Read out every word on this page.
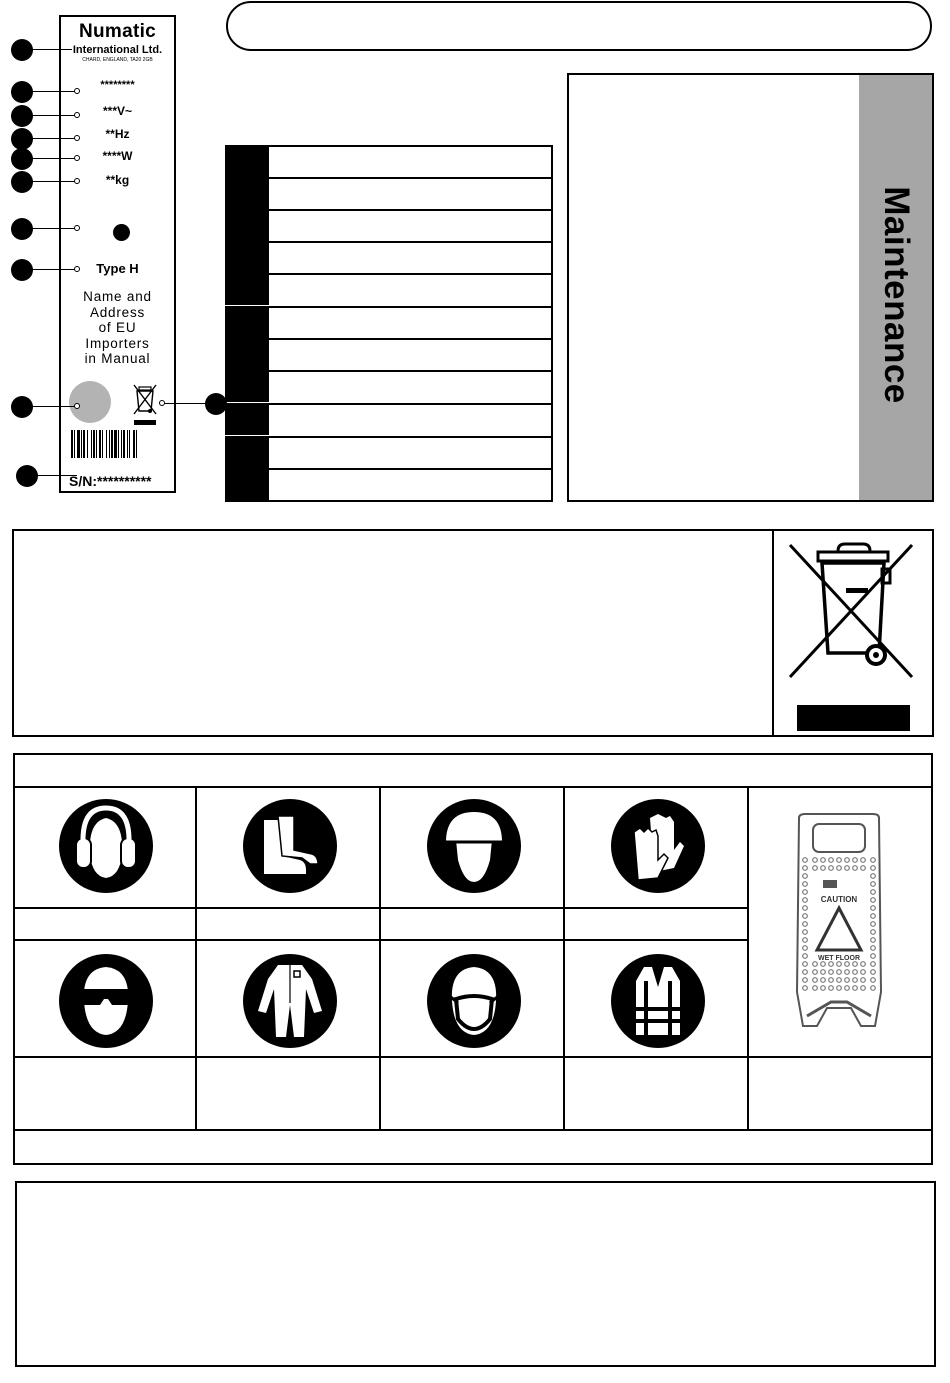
Numatic
International Ltd.
CHARD, ENGLAND, TA20 2GB
********
***V~
**Hz
****W
**kg
Type H
Name and
Address
of EU
Importers
in Manual
S/N:**********
Maintenance
CAUTION
WET FLOOR
